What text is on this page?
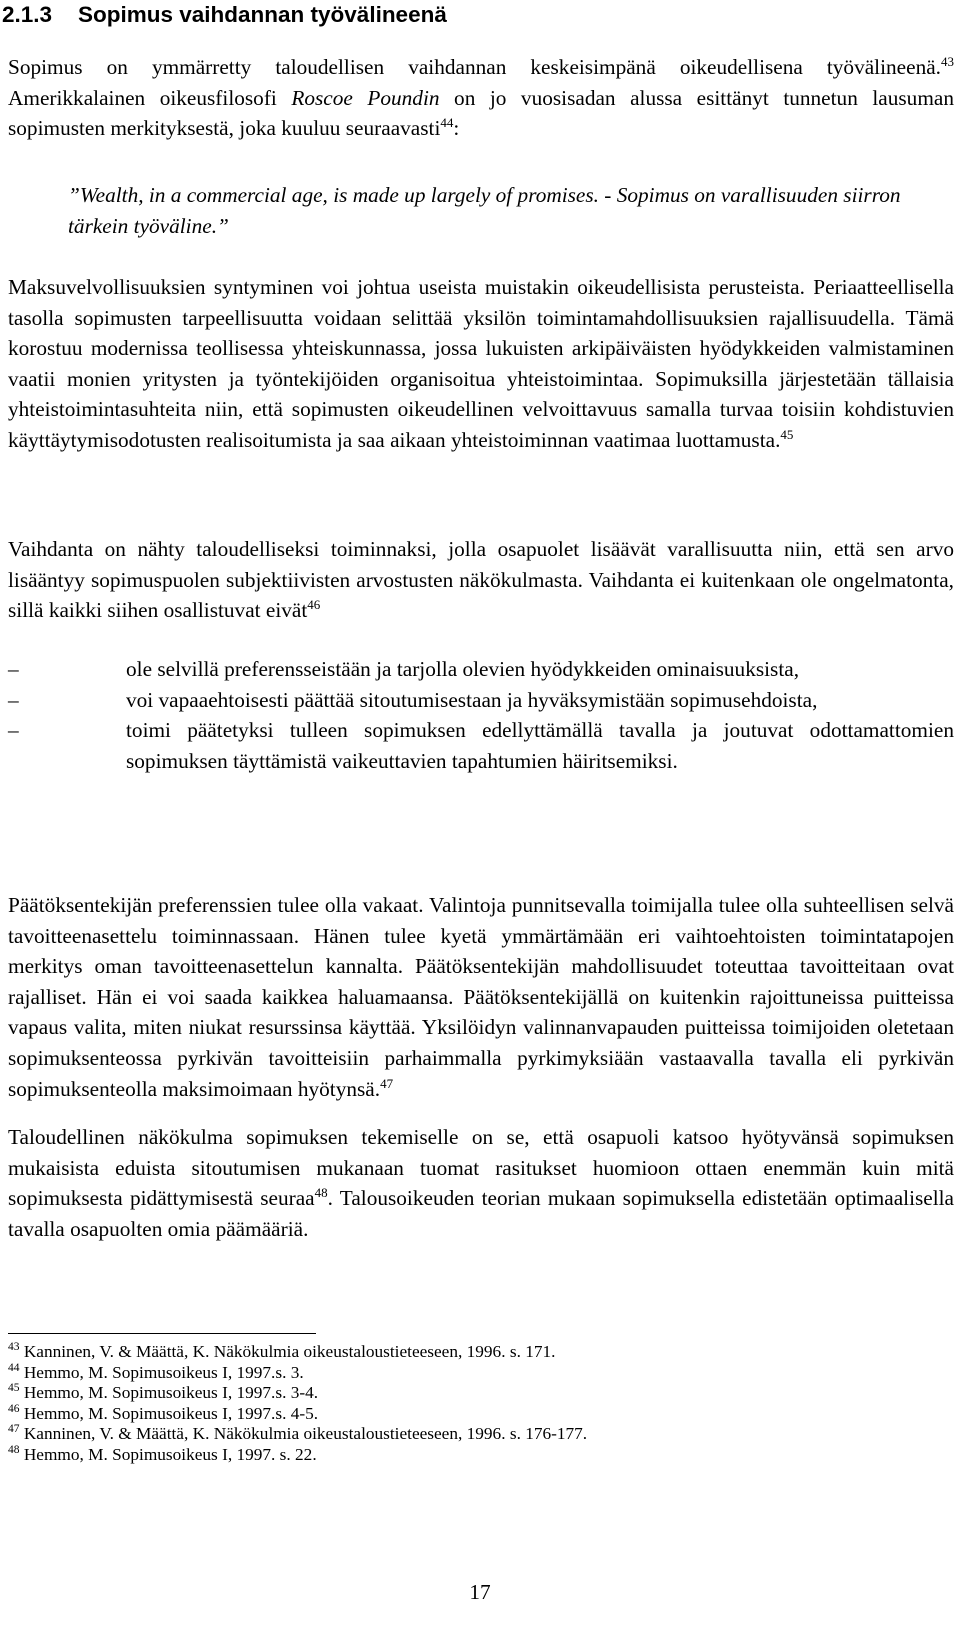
2.1.3 Sopimus vaihdannan työvälineenä

Sopimus on ymmärretty taloudellisen vaihdannan keskeisimpänä oikeudellisena työvälineenä.$^{43}$ Amerikkalainen oikeusfilosofi Roscoe Poundin on jo vuosisadan alussa esittänyt tunnetun lausuman sopimusten merkityksestä, joka kuuluu seuraavasti$^{44}$:

”Wealth, in a commercial age, is made up largely of promises. - Sopimus on varallisuuden siirron tärkein työväline.”

Maksuvelvollisuuksien syntyminen voi johtua useista muistakin oikeudellisista perusteista. Periaatteellisella tasolla sopimusten tarpeellisuutta voidaan selittää yksilön toimintamahdollisuuksien rajallisuudella. Tämä korostuu modernissa teollisessa yhteiskunnassa, jossa lukuisten arkipäiväisten hyödykkeiden valmistaminen vaatii monien yritysten ja työntekijöiden organisoitua yhteistoimintaa. Sopimuksilla järjestetään tällaisia yhteistoimintasuhteita niin, että sopimusten oikeudellinen velvoittavuus samalla turvaa toisiin kohdistuvien käyttäytymisodotusten realisoitumista ja saa aikaan yhteistoiminnan vaatimaa luottamusta.$^{45}$

Vaihdanta on nähty taloudelliseksi toiminnaksi, jolla osapuolet lisäävät varallisuutta niin, että sen arvo lisääntyy sopimuspuolen subjektiivisten arvostusten näkökulmasta. Vaihdanta ei kuitenkaan ole ongelmatonta, sillä kaikki siihen osallistuvat eivät$^{46}$

–	ole selvillä preferensseistään ja tarjolla olevien hyödykkeiden ominaisuuksista,
–	voi vapaaehtoisesti päättää sitoutumisestaan ja hyväksymistään sopimusehdoista,
–	toimi päätetyksi tulleen sopimuksen edellyttämällä tavalla ja joutuvat odottamattomien sopimuksen täyttämistä vaikeuttavien tapahtumien häiritsemiksi.

Päätöksentekijän preferenssien tulee olla vakaat. Valintoja punnitsevalla toimijalla tulee olla suhteellisen selvä tavoitteenasettelu toiminnassaan. Hänen tulee kyetä ymmärtämään eri vaihtoehtoisten toimintatapojen merkitys oman tavoitteenasettelun kannalta. Päätöksentekijän mahdollisuudet toteuttaa tavoitteitaan ovat rajalliset. Hän ei voi saada kaikkea haluamaansa. Päätöksentekijällä on kuitenkin rajoittuneissa puitteissa vapaus valita, miten niukat resurssinsa käyttää. Yksilöidyn valinnanvapauden puitteissa toimijoiden oletetaan sopimuksenteossa pyrkivän tavoitteisiin parhaimmalla pyrkimyksiään vastaavalla tavalla eli pyrkivän sopimuksenteolla maksimoimaan hyötynsä.$^{47}$

Taloudellinen näkökulma sopimuksen tekemiselle on se, että osapuoli katsoo hyötyvänsä sopimuksen mukaisista eduista sitoutumisen mukanaan tuomat rasitukset huomioon ottaen enemmän kuin mitä sopimuksesta pidättymisestä seuraa$^{48}$. Talousoikeuden teorian mukaan sopimuksella edistetään optimaalisella tavalla osapuolten omia päämääriä.

$^{43}$ Kanninen, V. & Määttä, K. Näkökulmia oikeustaloustieteeseen, 1996. s. 171.
$^{44}$ Hemmo, M. Sopimusoikeus I, 1997.s. 3.
$^{45}$ Hemmo, M. Sopimusoikeus I, 1997.s. 3-4.
$^{46}$ Hemmo, M. Sopimusoikeus I, 1997.s. 4-5.
$^{47}$ Kanninen, V. & Määttä, K. Näkökulmia oikeustaloustieteeseen, 1996. s. 176-177.
$^{48}$ Hemmo, M. Sopimusoikeus I, 1997. s. 22.
17
